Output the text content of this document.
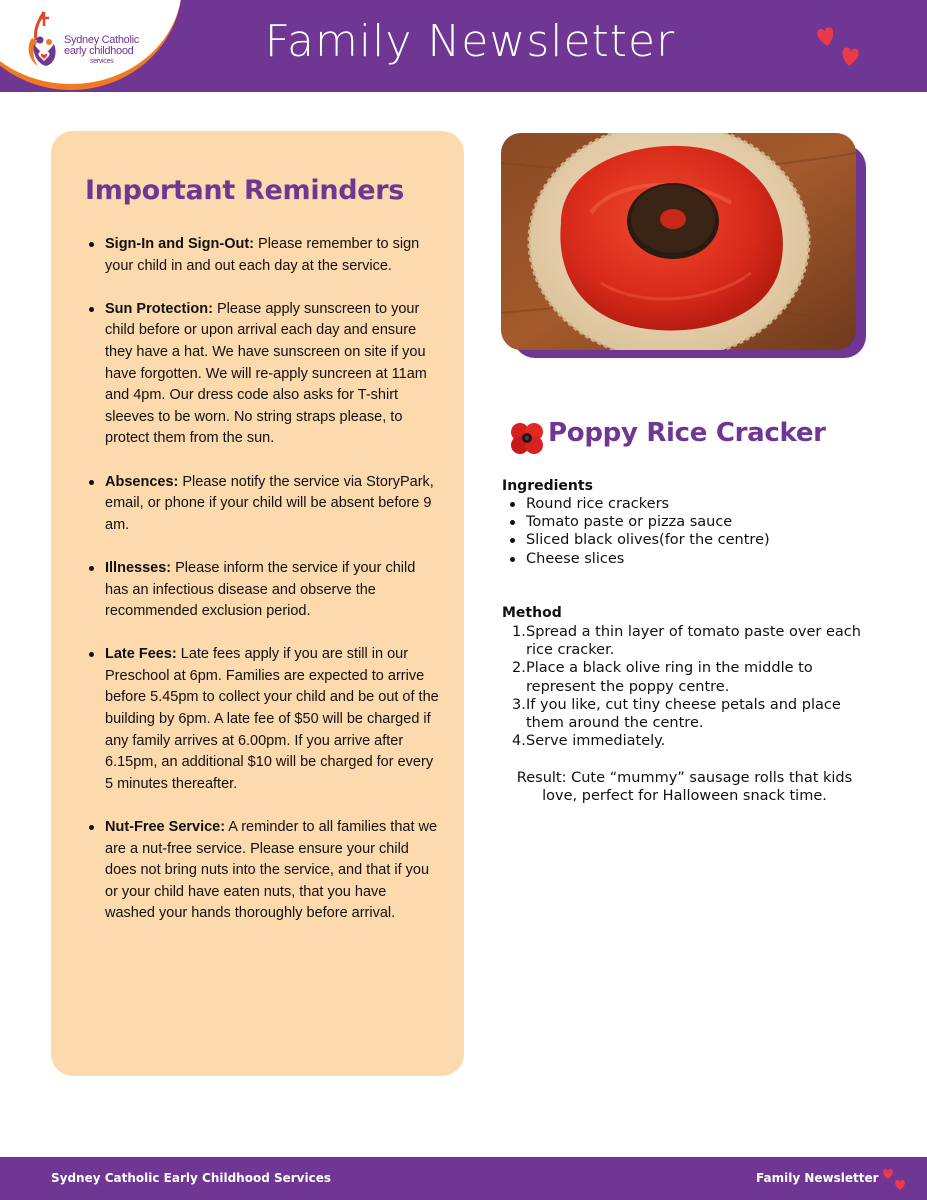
Sydney Catholic
early childhood
services	Family Newsletter
Important Reminders
Sign-In and Sign-Out: Please remember to sign your child in and out each day at the service.
Sun Protection: Please apply sunscreen to your child before or upon arrival each day and ensure they have a hat. We have sunscreen on site if you have forgotten. We will re-apply suncreen at 11am and 4pm. Our dress code also asks for T-shirt sleeves to be worn. No string straps please, to protect them from the sun.
Absences: Please notify the service via StoryPark, email, or phone if your child will be absent before 9 am.
Illnesses: Please inform the service if your child has an infectious disease and observe the recommended exclusion period.
Late Fees: Late fees apply if you are still in our Preschool at 6pm. Families are expected to arrive before 5.45pm to collect your child and be out of the building by 6pm. A late fee of $50 will be charged if any family arrives at 6.00pm. If you arrive after 6.15pm, an additional $10 will be charged for every 5 minutes thereafter.
Nut-Free Service: A reminder to all families that we are a nut-free service. Please ensure your child does not bring nuts into the service, and that if you or your child have eaten nuts, that you have washed your hands thoroughly before arrival.
Poppy Rice Cracker
Ingredients
Round rice crackers
Tomato paste or pizza sauce
Sliced black olives(for the centre)
Cheese slices
Method
1. Spread a thin layer of tomato paste over each rice cracker.
2. Place a black olive ring in the middle to represent the poppy centre.
3. If you like, cut tiny cheese petals and place them around the centre.
4. Serve immediately.
Result: Cute “mummy” sausage rolls that kids love, perfect for Halloween snack time.
Sydney Catholic Early Childhood Services	Family Newsletter
